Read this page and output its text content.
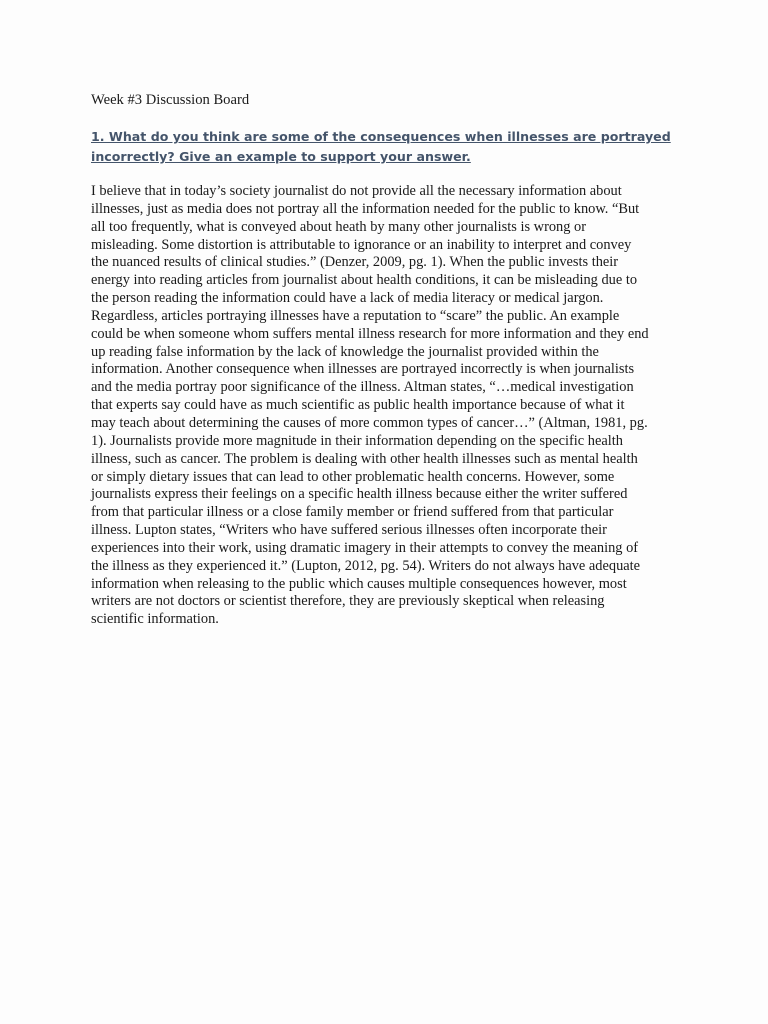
Week #3 Discussion Board
1. What do you think are some of the consequences when illnesses are portrayed
incorrectly? Give an example to support your answer.
I believe that in today’s society journalist do not provide all the necessary information about
illnesses, just as media does not portray all the information needed for the public to know. “But
all too frequently, what is conveyed about heath by many other journalists is wrong or
misleading. Some distortion is attributable to ignorance or an inability to interpret and convey
the nuanced results of clinical studies.” (Denzer, 2009, pg. 1). When the public invests their
energy into reading articles from journalist about health conditions, it can be misleading due to
the person reading the information could have a lack of media literacy or medical jargon.
Regardless, articles portraying illnesses have a reputation to “scare” the public. An example
could be when someone whom suffers mental illness research for more information and they end
up reading false information by the lack of knowledge the journalist provided within the
information. Another consequence when illnesses are portrayed incorrectly is when journalists
and the media portray poor significance of the illness. Altman states, “…medical investigation
that experts say could have as much scientific as public health importance because of what it
may teach about determining the causes of more common types of cancer…” (Altman, 1981, pg.
1). Journalists provide more magnitude in their information depending on the specific health
illness, such as cancer. The problem is dealing with other health illnesses such as mental health
or simply dietary issues that can lead to other problematic health concerns. However, some
journalists express their feelings on a specific health illness because either the writer suffered
from that particular illness or a close family member or friend suffered from that particular
illness. Lupton states, “Writers who have suffered serious illnesses often incorporate their
experiences into their work, using dramatic imagery in their attempts to convey the meaning of
the illness as they experienced it.” (Lupton, 2012, pg. 54). Writers do not always have adequate
information when releasing to the public which causes multiple consequences however, most
writers are not doctors or scientist therefore, they are previously skeptical when releasing
scientific information.
